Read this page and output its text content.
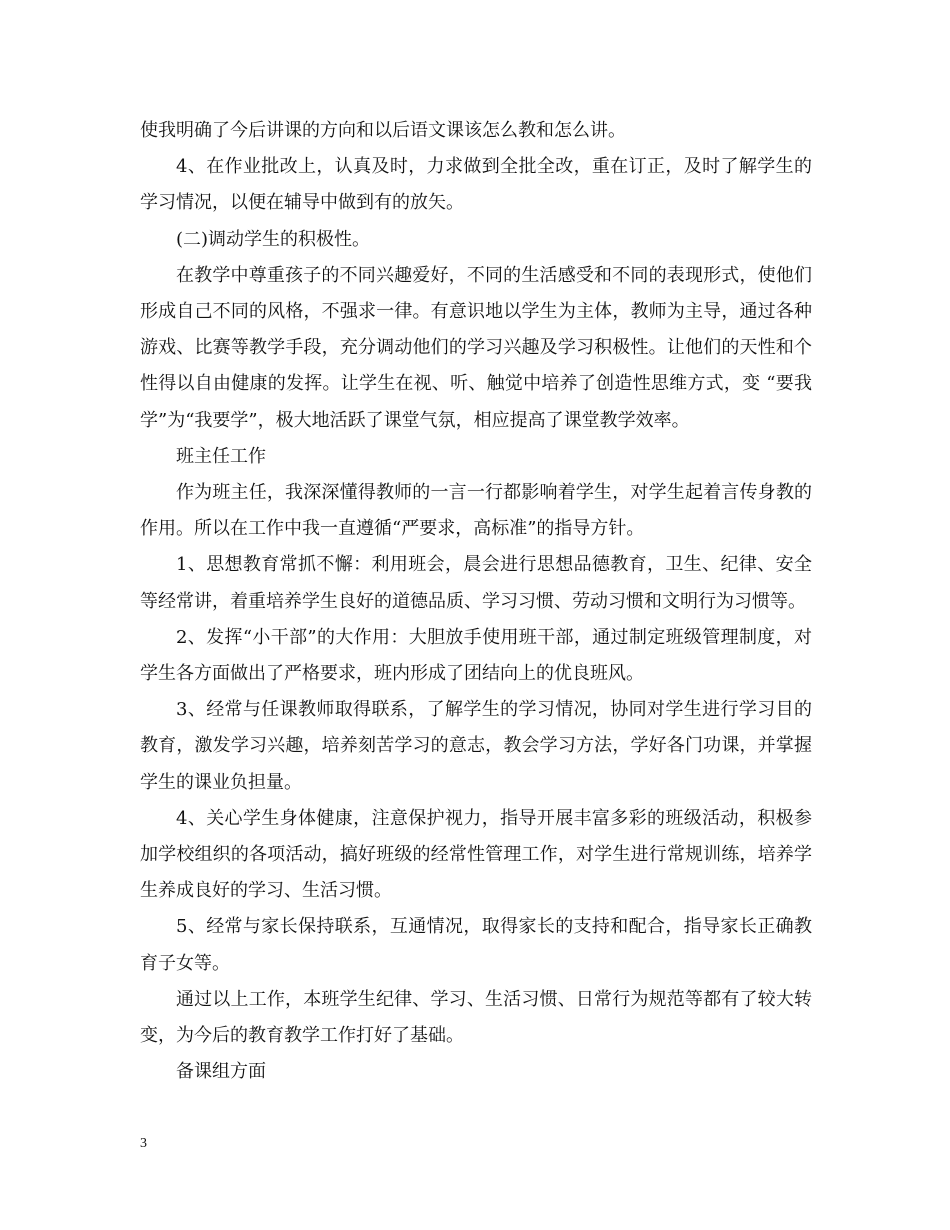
使我明确了今后讲课的方向和以后语文课该怎么教和怎么讲。

4、在作业批改上，认真及时，力求做到全批全改，重在订正，及时了解学生的学习情况，以便在辅导中做到有的放矢。

(二)调动学生的积极性。

在教学中尊重孩子的不同兴趣爱好，不同的生活感受和不同的表现形式，使他们形成自己不同的风格，不强求一律。有意识地以学生为主体，教师为主导，通过各种游戏、比赛等教学手段，充分调动他们的学习兴趣及学习积极性。让他们的天性和个性得以自由健康的发挥。让学生在视、听、触觉中培养了创造性思维方式，变 “要我学”为“我要学”，极大地活跃了课堂气氛，相应提高了课堂教学效率。

班主任工作

作为班主任，我深深懂得教师的一言一行都影响着学生，对学生起着言传身教的作用。所以在工作中我一直遵循“严要求，高标准”的指导方针。

1、思想教育常抓不懈：利用班会，晨会进行思想品德教育，卫生、纪律、安全等经常讲，着重培养学生良好的道德品质、学习习惯、劳动习惯和文明行为习惯等。

2、发挥“小干部”的大作用：大胆放手使用班干部，通过制定班级管理制度，对学生各方面做出了严格要求，班内形成了团结向上的优良班风。

3、经常与任课教师取得联系，了解学生的学习情况，协同对学生进行学习目的教育，激发学习兴趣，培养刻苦学习的意志，教会学习方法，学好各门功课，并掌握学生的课业负担量。

4、关心学生身体健康，注意保护视力，指导开展丰富多彩的班级活动，积极参加学校组织的各项活动，搞好班级的经常性管理工作，对学生进行常规训练，培养学生养成良好的学习、生活习惯。

5、经常与家长保持联系，互通情况，取得家长的支持和配合，指导家长正确教育子女等。

通过以上工作，本班学生纪律、学习、生活习惯、日常行为规范等都有了较大转变，为今后的教育教学工作打好了基础。

备课组方面

3
